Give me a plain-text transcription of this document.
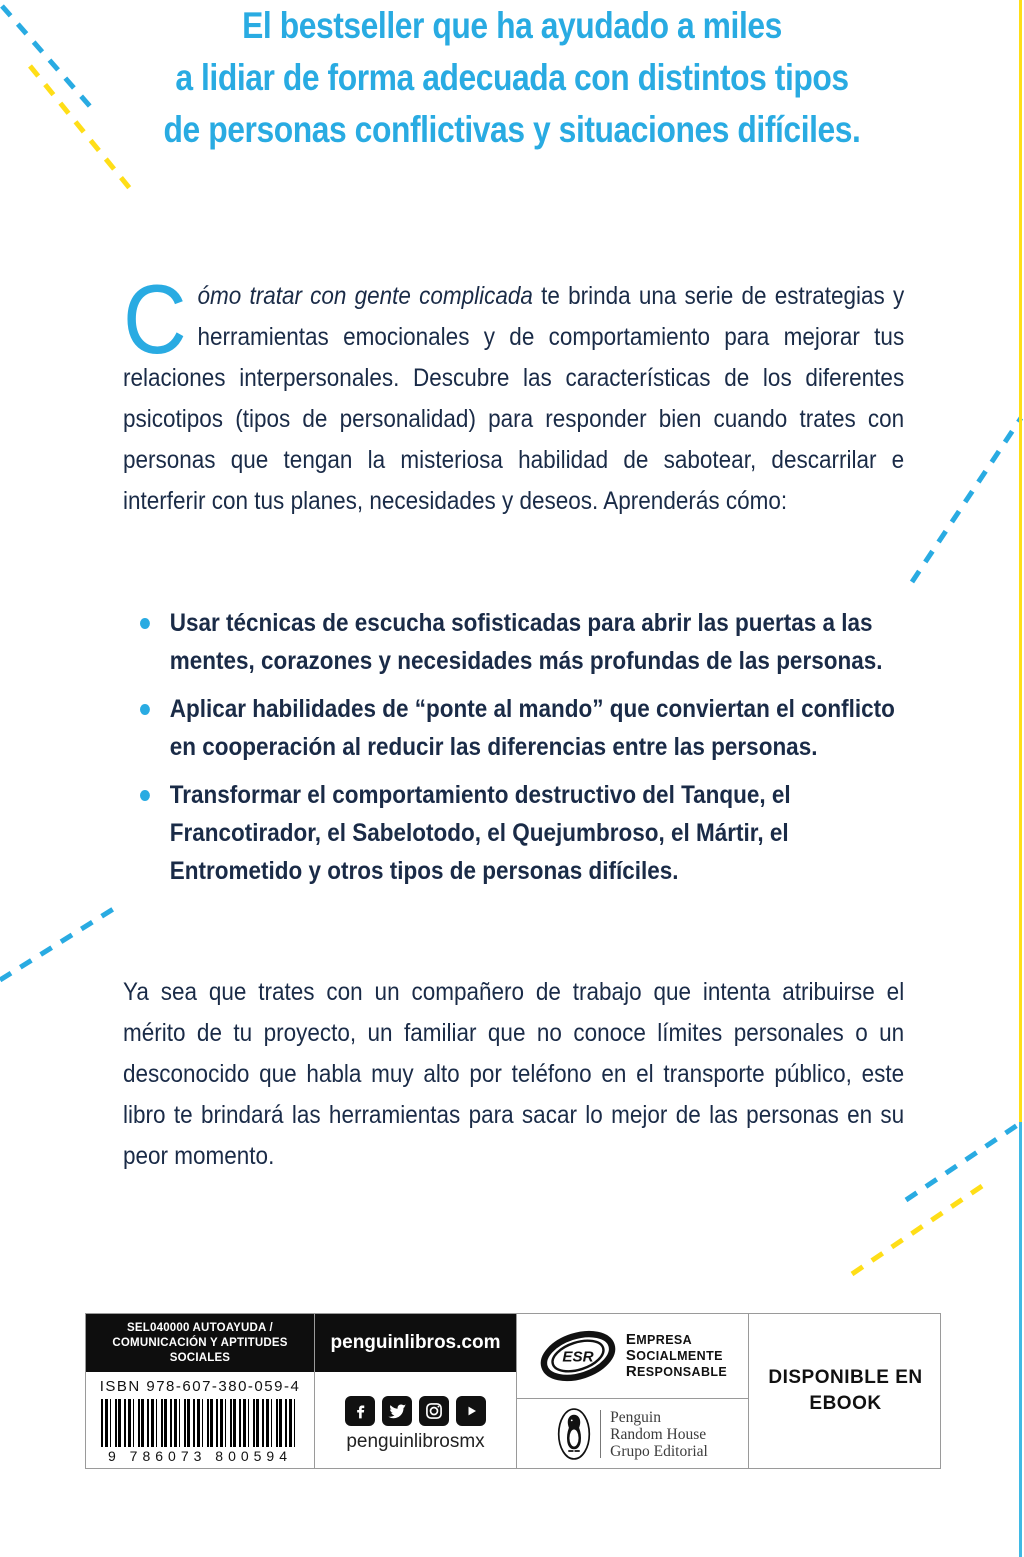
El bestseller que ha ayudado a miles
a lidiar de forma adecuada con distintos tipos
de personas conflictivas y situaciones difíciles.

C ómo tratar con gente complicada te brinda una serie de estrategias y herramientas emocionales y de comportamiento para mejorar tus relaciones interpersonales. Descubre las características de los diferentes psicotipos (tipos de personalidad) para responder bien cuando trates con personas que tengan la misteriosa habilidad de sabotear, descarrilar e interferir con tus planes, necesidades y deseos. Aprenderás cómo:

Usar técnicas de escucha sofisticadas para abrir las puertas a las mentes, corazones y necesidades más profundas de las personas.
Aplicar habilidades de “ponte al mando” que conviertan el conflicto en cooperación al reducir las diferencias entre las personas.
Transformar el comportamiento destructivo del Tanque, el Francotirador, el Sabelotodo, el Quejumbroso, el Mártir, el Entrometido y otros tipos de personas difíciles.

Ya sea que trates con un compañero de trabajo que intenta atribuirse el mérito de tu proyecto, un familiar que no conoce límites personales o un desconocido que habla muy alto por teléfono en el transporte público, este libro te brindará las herramientas para sacar lo mejor de las personas en su peor momento.

SEL040000 AUTOAYUDA /
COMUNICACIÓN Y APTITUDES
SOCIALES
ISBN 978-607-380-059-4
9 786073 800594
penguinlibros.com
penguinlibrosmx
ESR
EMPRESA
SOCIALMENTE
RESPONSABLE
Penguin
Random House
Grupo Editorial
DISPONIBLE EN
EBOOK
